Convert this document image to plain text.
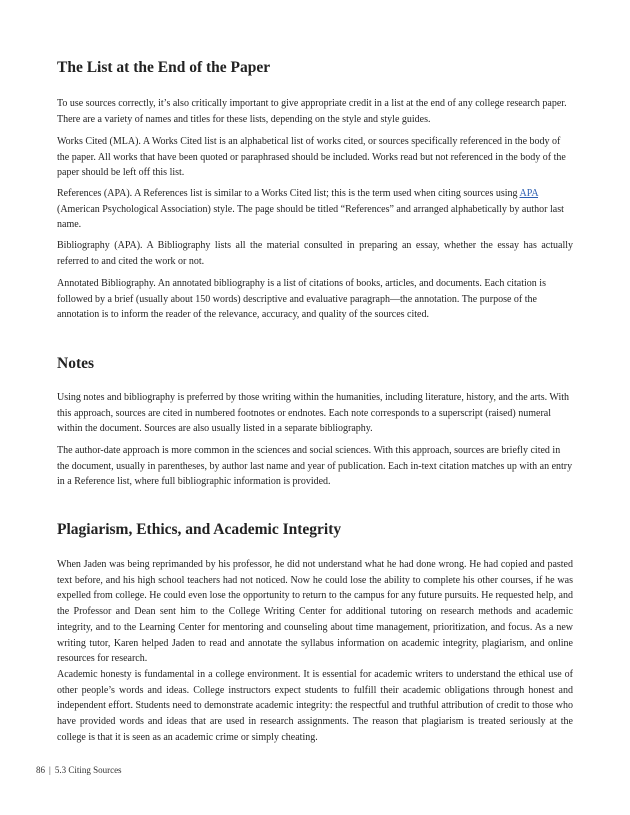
The List at the End of the Paper

To use sources correctly, it’s also critically important to give appropriate credit in a list at the end of any college research paper. There are a variety of names and titles for these lists, depending on the style and style guides.

Works Cited (MLA). A Works Cited list is an alphabetical list of works cited, or sources specifically referenced in the body of the paper. All works that have been quoted or paraphrased should be included. Works read but not referenced in the body of the paper should be left off this list.

References (APA). A References list is similar to a Works Cited list; this is the term used when citing sources using APA (American Psychological Association) style. The page should be titled “References” and arranged alphabetically by author last name.

Bibliography (APA). A Bibliography lists all the material consulted in preparing an essay, whether the essay has actually referred to and cited the work or not.

Annotated Bibliography. An annotated bibliography is a list of citations of books, articles, and documents. Each citation is followed by a brief (usually about 150 words) descriptive and evaluative paragraph—the annotation. The purpose of the annotation is to inform the reader of the relevance, accuracy, and quality of the sources cited.

Notes

Using notes and bibliography is preferred by those writing within the humanities, including literature, history, and the arts. With this approach, sources are cited in numbered footnotes or endnotes. Each note corresponds to a superscript (raised) numeral within the document. Sources are also usually listed in a separate bibliography.

The author-date approach is more common in the sciences and social sciences. With this approach, sources are briefly cited in the document, usually in parentheses, by author last name and year of publication. Each in-text citation matches up with an entry in a Reference list, where full bibliographic information is provided.

Plagiarism, Ethics, and Academic Integrity

When Jaden was being reprimanded by his professor, he did not understand what he had done wrong. He had copied and pasted text before, and his high school teachers had not noticed. Now he could lose the ability to complete his other courses, if he was expelled from college. He could even lose the opportunity to return to the campus for any future pursuits. He requested help, and the Professor and Dean sent him to the College Writing Center for additional tutoring on research methods and academic integrity, and to the Learning Center for mentoring and counseling about time management, prioritization, and focus. As a new writing tutor, Karen helped Jaden to read and annotate the syllabus information on academic integrity, plagiarism, and online resources for research.

Academic honesty is fundamental in a college environment. It is essential for academic writers to understand the ethical use of other people’s words and ideas. College instructors expect students to fulfill their academic obligations through honest and independent effort. Students need to demonstrate academic integrity: the respectful and truthful attribution of credit to those who have provided words and ideas that are used in research assignments. The reason that plagiarism is treated seriously at the college is that it is seen as an academic crime or simply cheating.

86 | 5.3 Citing Sources
